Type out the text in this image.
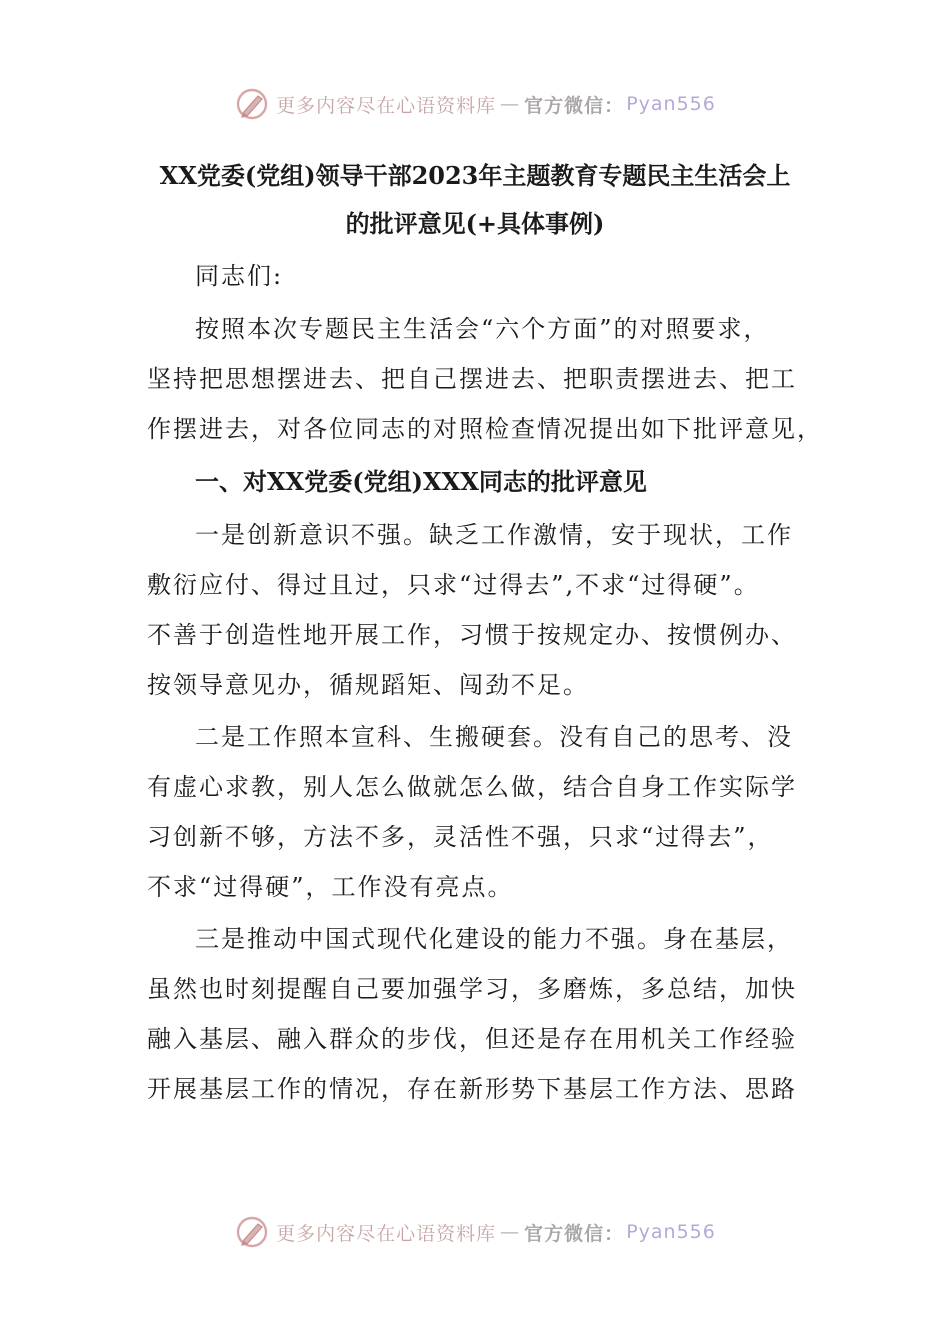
更多内容尽在心语资料库 — 官方微信： Pyan556
XX党委(党组)领导干部2023年主题教育专题民主生活会上
的批评意见(+具体事例)
同志们:
按照本次专题民主生活会“六个方面”的对照要求，
坚持把思想摆进去、把自己摆进去、把职责摆进去、把工
作摆进去，对各位同志的对照检查情况提出如下批评意见，
一、对XX党委(党组)XXX同志的批评意见
一是创新意识不强。缺乏工作激情，安于现状，工作
敷衍应付、得过且过，只求“过得去”,不求“过得硬”。
不善于创造性地开展工作，习惯于按规定办、按惯例办、
按领导意见办，循规蹈矩、闯劲不足。
二是工作照本宣科、生搬硬套。没有自己的思考、没
有虚心求教，别人怎么做就怎么做，结合自身工作实际学
习创新不够，方法不多，灵活性不强，只求“过得去”，
不求“过得硬”，工作没有亮点。
三是推动中国式现代化建设的能力不强。身在基层，
虽然也时刻提醒自己要加强学习，多磨炼，多总结，加快
融入基层、融入群众的步伐，但还是存在用机关工作经验
开展基层工作的情况，存在新形势下基层工作方法、思路
更多内容尽在心语资料库 — 官方微信： Pyan556
